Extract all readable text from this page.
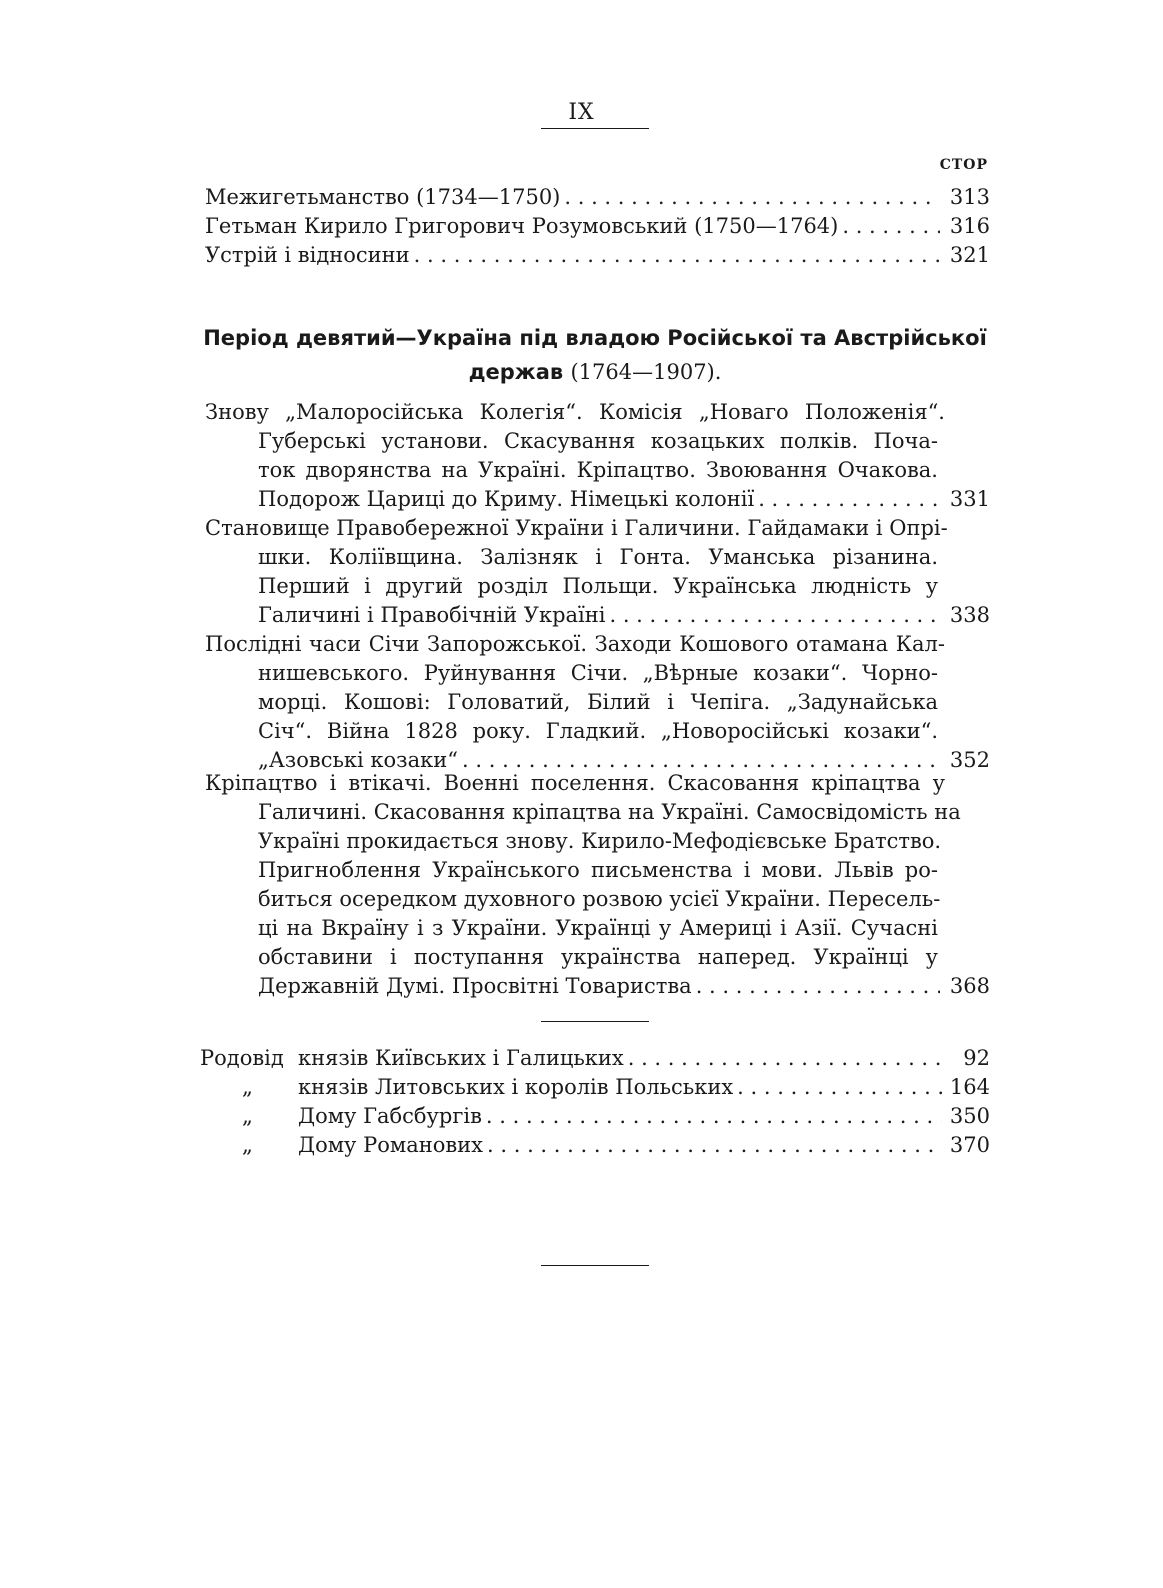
IX
СТОР
Межигетьманство (1734—1750) . . .	313
Гетьман Кирило Григорович Розумовський (1750—1764) . . .	316
Устрій і відносини . . .	321
Період девятий—Україна під владою Російської та Австрійської
держав (1764—1907).
Знову „Малоросійська Колегія“. Комісія „Новаго Положенія“.
Губерські установи. Скасування козацьких полків. Поча-
ток дворянства на Україні. Кріпацтво. Звоювання Очакова.
Подорож Цариці до Криму. Німецькі колонії . . .	331
Становище Правобережної України і Галичини. Гайдамаки і Опрі-
шки. Коліївщина. Залізняк і Гонта. Уманська різанина.
Перший і другий розділ Польщи. Українська людність у
Галичині і Правобічній Україні . . .	338
Послідні часи Січи Запорожської. Заходи Кошового отамана Кал-
нишевського. Руйнування Січи. „Вѣрные козаки“. Чорно-
морці. Кошові: Головатий, Білий і Чепіга. „Задунайська
Січ“. Війна 1828 року. Гладкий. „Новоросійські козаки“.
„Азовські козаки“ . . .	352
Кріпацтво і втікачі. Военні поселення. Скасовання кріпацтва у
Галичині. Скасовання кріпацтва на Україні. Самосвідомість на
Україні прокидається знову. Кирило-Мефодієвське Братство.
Пригноблення Українського письменства і мови. Львів ро-
биться осередком духовного розвою усієї України. Пересель-
ці на Вкраїну і з України. Українці у Америці і Азії. Сучасні
обставини і поступання українства наперед. Українці у
Державній Думі. Просвітні Товариства . . .	368
Родовід князів Київських і Галицьких . . .	92
„	князів Литовських і королів Польських . . .	164
„	Дому Габсбургів . . .	350
„	Дому Романових . . .	370
